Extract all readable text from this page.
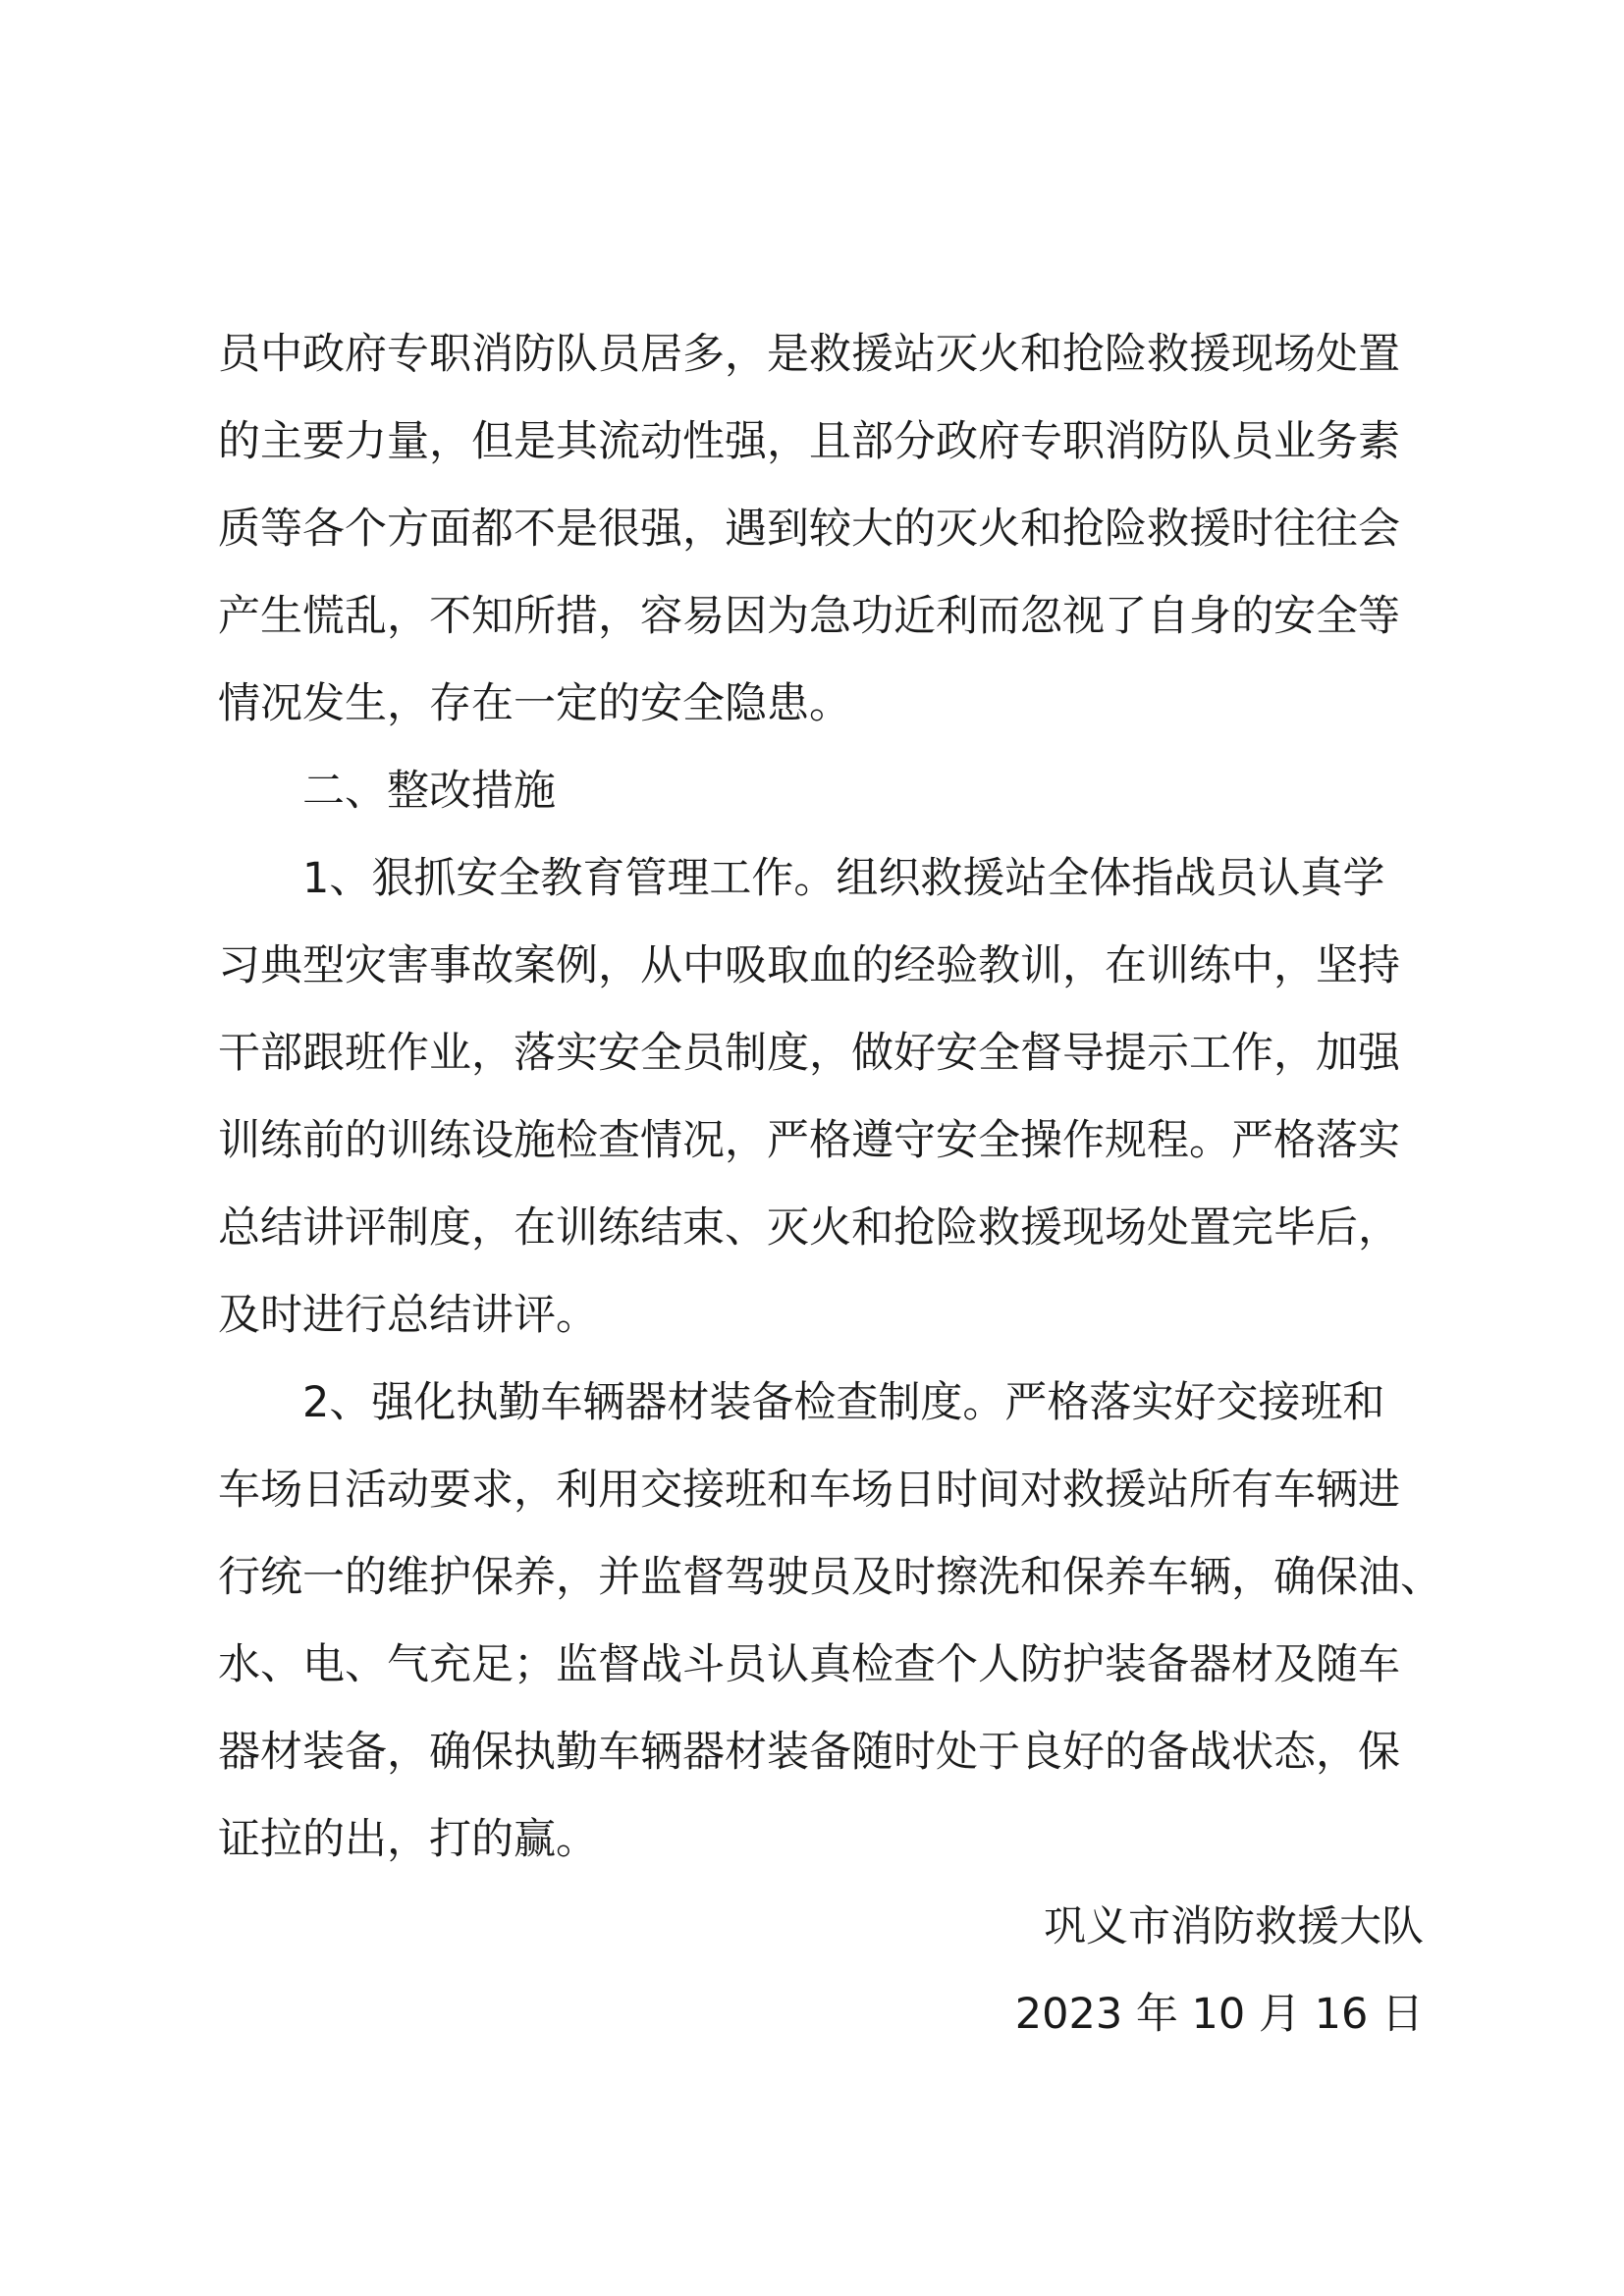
员中政府专职消防队员居多，是救援站灭火和抢险救援现场处置
的主要力量，但是其流动性强，且部分政府专职消防队员业务素
质等各个方面都不是很强，遇到较大的灭火和抢险救援时往往会
产生慌乱，不知所措，容易因为急功近利而忽视了自身的安全等
情况发生，存在一定的安全隐患。
二、整改措施
1、狠抓安全教育管理工作。组织救援站全体指战员认真学
习典型灾害事故案例，从中吸取血的经验教训，在训练中，坚持
干部跟班作业，落实安全员制度，做好安全督导提示工作，加强
训练前的训练设施检查情况，严格遵守安全操作规程。严格落实
总结讲评制度，在训练结束、灭火和抢险救援现场处置完毕后，
及时进行总结讲评。
2、强化执勤车辆器材装备检查制度。严格落实好交接班和
车场日活动要求，利用交接班和车场日时间对救援站所有车辆进
行统一的维护保养，并监督驾驶员及时擦洗和保养车辆，确保油、
水、电、气充足；监督战斗员认真检查个人防护装备器材及随车
器材装备，确保执勤车辆器材装备随时处于良好的备战状态，保
证拉的出，打的赢。
巩义市消防救援大队
2023 年 10 月 16 日
